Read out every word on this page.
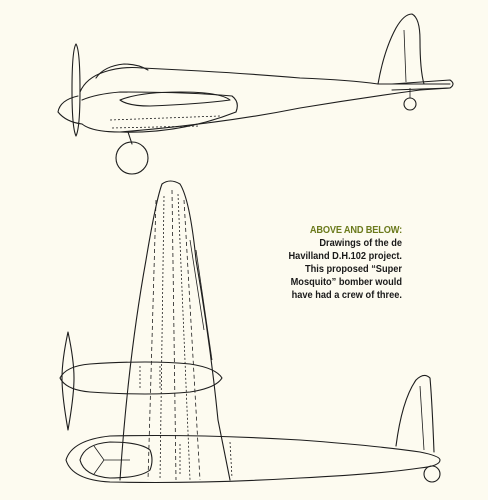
ABOVE AND BELOW: Drawings of the de Havilland D.H.102 project. This proposed “Super Mosquito” bomber would have had a crew of three.
